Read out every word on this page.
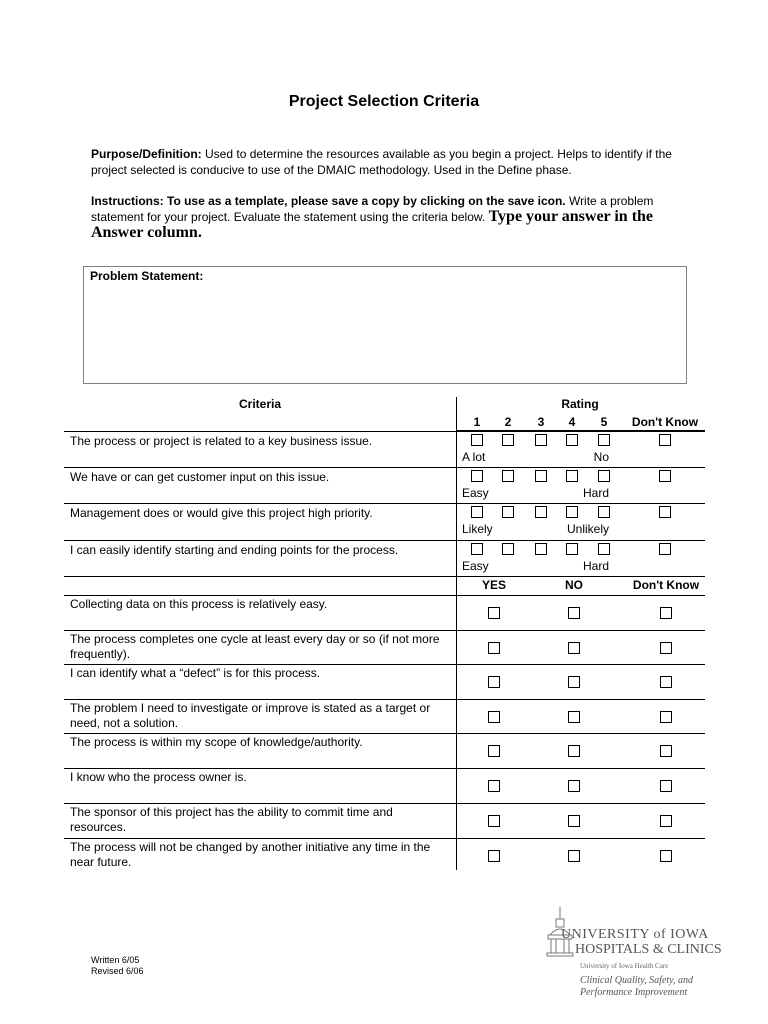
Project Selection Criteria
Purpose/Definition: Used to determine the resources available as you begin a project. Helps to identify if the project selected is conducive to use of the DMAIC methodology. Used in the Define phase.
Instructions: To use as a template, please save a copy by clicking on the save icon. Write a problem statement for your project. Evaluate the statement using the criteria below. Type your answer in the Answer column.
Problem Statement:
Criteria	Rating
1	2	3	4	5	Don't Know
The process or project is related to a key business issue.
A lot	No
We have or can get customer input on this issue.
Easy	Hard
Management does or would give this project high priority.
Likely	Unlikely
I can easily identify starting and ending points for the process.
Easy	Hard
YES	NO	Don't Know
Collecting data on this process is relatively easy.
The process completes one cycle at least every day or so (if not more frequently).
I can identify what a “defect” is for this process.
The problem I need to investigate or improve is stated as a target or need, not a solution.
The process is within my scope of knowledge/authority.
I know who the process owner is.
The sponsor of this project has the ability to commit time and resources.
The process will not be changed by another initiative any time in the near future.
Written 6/05
Revised 6/06
UNIVERSITY of IOWA
HOSPITALS & CLINICS
University of Iowa Health Care
Clinical Quality, Safety, and
Performance Improvement
